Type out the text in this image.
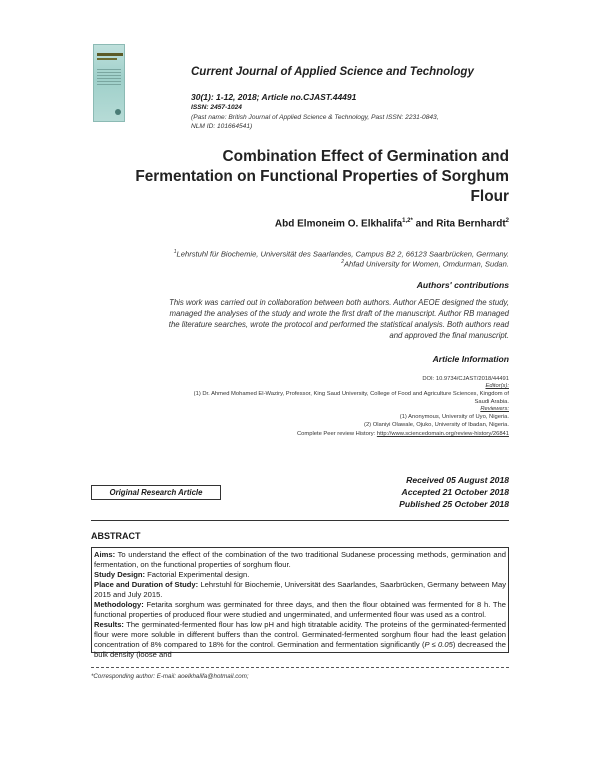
Current Journal of Applied Science and Technology
30(1): 1-12, 2018; Article no.CJAST.44491
ISSN: 2457-1024
(Past name: British Journal of Applied Science & Technology, Past ISSN: 2231-0843,
NLM ID: 101664541)
Combination Effect of Germination and
Fermentation on Functional Properties of Sorghum
Flour
Abd Elmoneim O. Elkhalifa$^{1,2*}$ and Rita Bernhardt$^2$
$^1$Lehrstuhl für Biochemie, Universität des Saarlandes, Campus B2 2, 66123 Saarbrücken, Germany.
$^2$Ahfad University for Women, Omdurman, Sudan.
Authors' contributions
This work was carried out in collaboration between both authors. Author AEOE designed the study,
managed the analyses of the study and wrote the first draft of the manuscript. Author RB managed
the literature searches, wrote the protocol and performed the statistical analysis. Both authors read
and approved the final manuscript.
Article Information
DOI: 10.9734/CJAST/2018/44491
Editor(s):
(1) Dr. Ahmed Mohamed El-Waziry, Professor, King Saud University, College of Food and Agriculture Sciences, Kingdom of
Saudi Arabia.
Reviewers:
(1) Anonymous, University of Uyo, Nigeria.
(2) Olaniyi Olawale, Ojuko, University of Ibadan, Nigeria.
Complete Peer review History: http://www.sciencedomain.org/review-history/26841
Original Research Article
Received 05 August 2018
Accepted 21 October 2018
Published 25 October 2018
ABSTRACT

Aims: To understand the effect of the combination of the two traditional Sudanese processing methods, germination and fermentation, on the functional properties of sorghum flour.

Study Design: Factorial Experimental design.

Place and Duration of Study: Lehrstuhl für Biochemie, Universität des Saarlandes, Saarbrücken, Germany between May 2015 and July 2015.

Methodology: Fetarita sorghum was germinated for three days, and then the flour obtained was fermented for 8 h. The functional properties of produced flour were studied and ungerminated, and unfermented flour was used as a control.

Results: The germinated-fermented flour has low pH and high titratable acidity. The proteins of the germinated-fermented flour were more soluble in different buffers than the control. Germinated-fermented sorghum flour had the least gelation concentration of 8% compared to 18% for the control. Germination and fermentation significantly (P ≤ 0.05) decreased the bulk density (loose and

*Corresponding author: E-mail: aoelkhalifa@hotmail.com;
